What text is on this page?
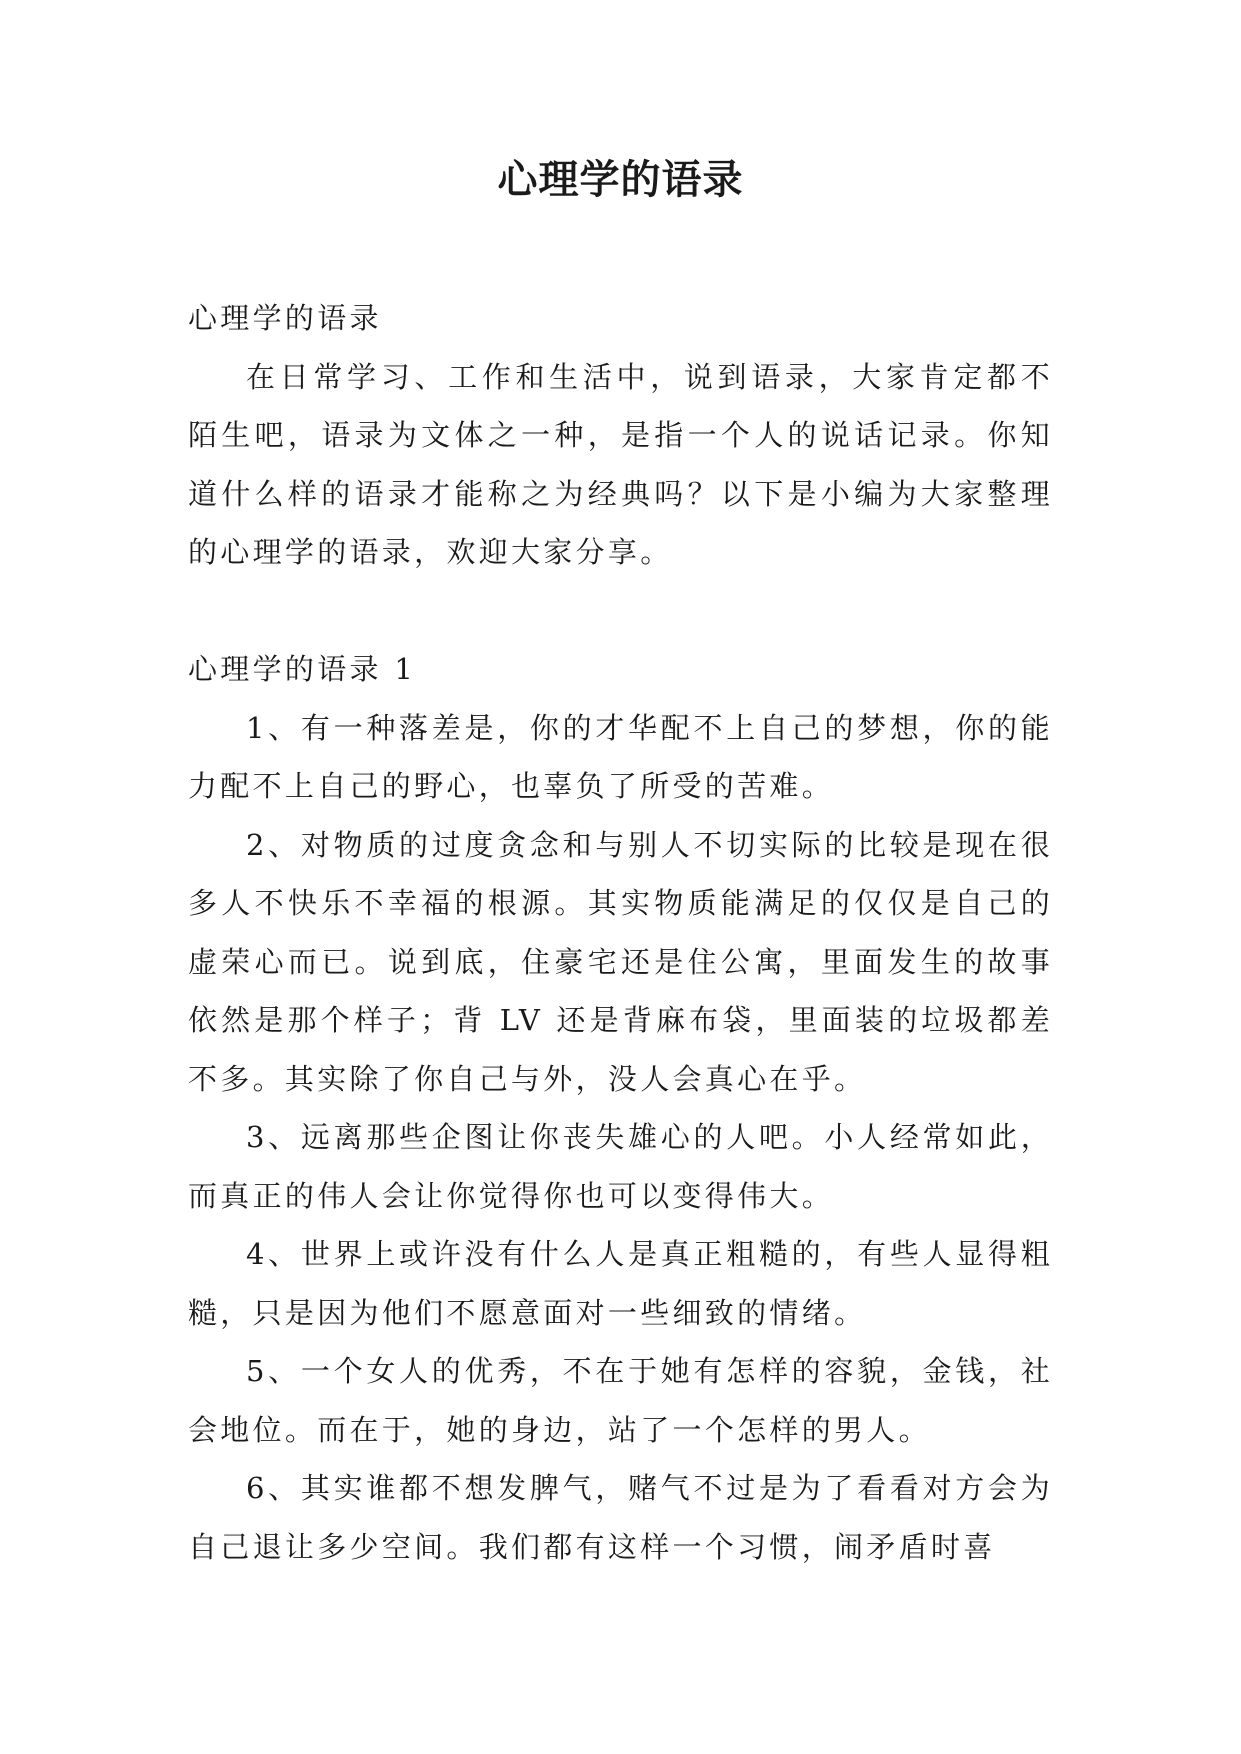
心理学的语录

心理学的语录

在日常学习、工作和生活中，说到语录，大家肯定都不陌生吧，语录为文体之一种，是指一个人的说话记录。你知道什么样的语录才能称之为经典吗？以下是小编为大家整理的心理学的语录，欢迎大家分享。

心理学的语录 1

1、有一种落差是，你的才华配不上自己的梦想，你的能力配不上自己的野心，也辜负了所受的苦难。

2、对物质的过度贪念和与别人不切实际的比较是现在很多人不快乐不幸福的根源。其实物质能满足的仅仅是自己的虚荣心而已。说到底，住豪宅还是住公寓，里面发生的故事依然是那个样子；背 LV 还是背麻布袋，里面装的垃圾都差不多。其实除了你自己与外，没人会真心在乎。

3、远离那些企图让你丧失雄心的人吧。小人经常如此，而真正的伟人会让你觉得你也可以变得伟大。

4、世界上或许没有什么人是真正粗糙的，有些人显得粗糙，只是因为他们不愿意面对一些细致的情绪。

5、一个女人的优秀，不在于她有怎样的容貌，金钱，社会地位。而在于，她的身边，站了一个怎样的男人。

6、其实谁都不想发脾气，赌气不过是为了看看对方会为自己退让多少空间。我们都有这样一个习惯，闹矛盾时喜
